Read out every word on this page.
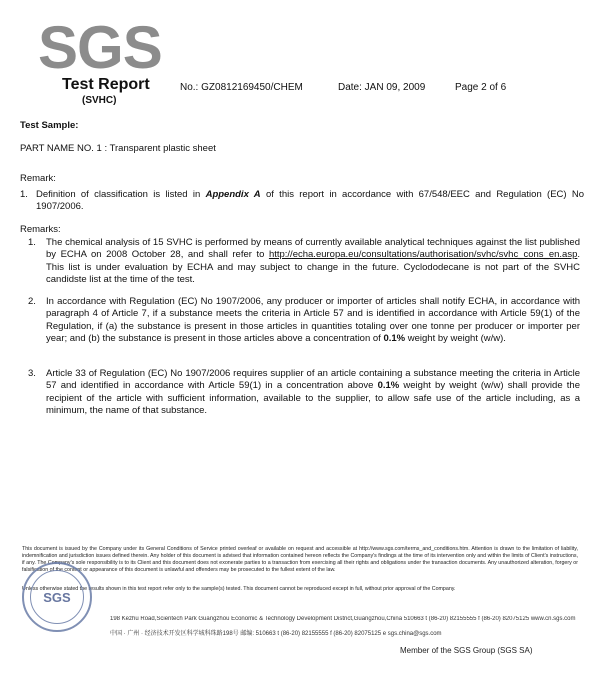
SGS
Test Report
(SVHC)
No.: GZ0812169450/CHEM	Date: JAN 09, 2009	Page 2 of 6
Test Sample:
PART NAME NO. 1 : Transparent plastic sheet
Remark:
1. Definition of classification is listed in Appendix A of this report in accordance with 67/548/EEC and Regulation (EC) No 1907/2006.
Remarks:
1. The chemical analysis of 15 SVHC is performed by means of currently available analytical techniques against the list published by ECHA on 2008 October 28, and shall refer to http://echa.europa.eu/consultations/authorisation/svhc/svhc_cons_en.asp. This list is under evaluation by ECHA and may subject to change in the future. Cyclododecane is not part of the SVHC candidste list at the time of the test.
2. In accordance with Regulation (EC) No 1907/2006, any producer or importer of articles shall notify ECHA, in accordance with paragraph 4 of Article 7, if a substance meets the criteria in Article 57 and is identified in accordance with Article 59(1) of the Regulation, if (a) the substance is present in those articles in quantities totaling over one tonne per producer or importer per year; and (b) the substance is present in those articles above a concentration of 0.1% weight by weight (w/w).
3. Article 33 of Regulation (EC) No 1907/2006 requires supplier of an article containing a substance meeting the criteria in Article 57 and identified in accordance with Article 59(1) in a concentration above 0.1% weight by weight (w/w) shall provide the recipient of the article with sufficient information, available to the supplier, to allow safe use of the article including, as a minimum, the name of that substance.
This document is issued by the Company under its General Conditions of Service printed overleaf or available on request and accessible at http://www.sgs.com/terms_and_conditions.htm. Attention is drawn to the limitation of liability, indemnification and jurisdiction issues defined therein. Any holder of this document is advised that information contained hereon reflects the Company's findings at the time of its intervention only and within the limits of Client's instructions, if any. The Company's sole responsibility is to its Client and this document does not exonerate parties to a transaction from exercising all their rights and obligations under the transaction documents. Any unauthorized alteration, forgery or falsification of the content or appearance of this document is unlawful and offenders may be prosecuted to the fullest extent of the law.
Unless otherwise stated the results shown in this test report refer only to the sample(s) tested. This document cannot be reproduced except in full, without prior approval of the Company.
SGS
198 Kezhu Road,Scientech Park Guangzhou Economic & Technology Development District,Guangzhou,China 510663 t (86-20) 82155555 f (86-20) 82075125 www.cn.sgs.com
中国 · 广州 · 经济技术开发区科学城科珠路198号 邮编: 510663 t (86-20) 82155555 f (86-20) 82075125 e sgs.china@sgs.com
Member of the SGS Group (SGS SA)
